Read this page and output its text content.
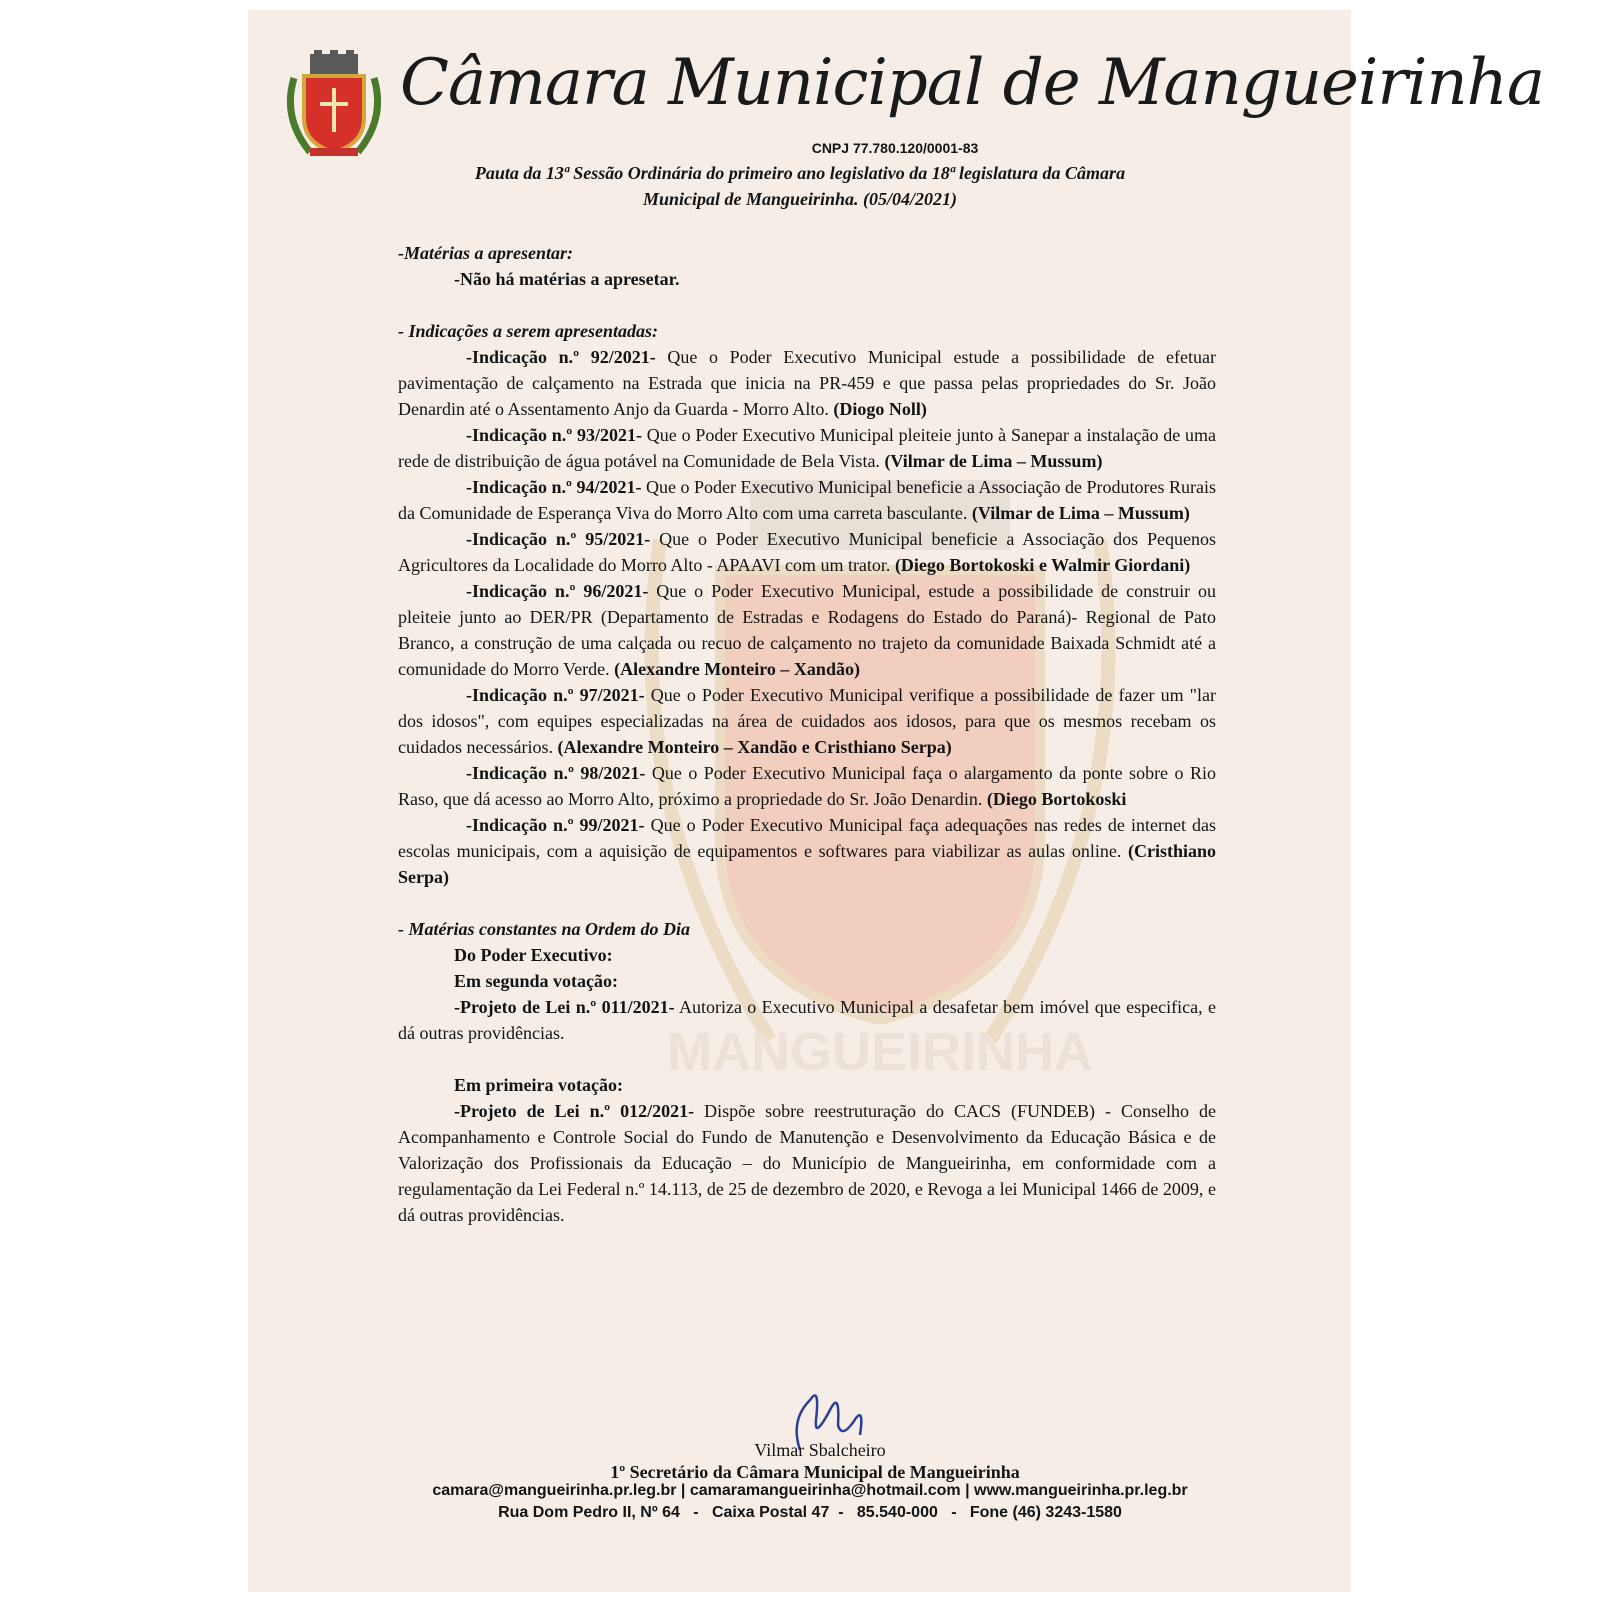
MANGUEIRINHA
Câmara Municipal de Mangueirinha
CNPJ 77.780.120/0001-83
Pauta da 13ª Sessão Ordinária do primeiro ano legislativo da 18ª legislatura da Câmara
Municipal de Mangueirinha. (05/04/2021)
-Matérias a apresentar:
-Não há matérias a apresetar.
- Indicações a serem apresentadas:

-Indicação n.º 92/2021- Que o Poder Executivo Municipal estude a possibilidade de efetuar pavimentação de calçamento na Estrada que inicia na PR-459 e que passa pelas propriedades do Sr. João Denardin até o Assentamento Anjo da Guarda - Morro Alto. (Diogo Noll)

-Indicação n.º 93/2021- Que o Poder Executivo Municipal pleiteie junto à Sanepar a instalação de uma rede de distribuição de água potável na Comunidade de Bela Vista. (Vilmar de Lima – Mussum)

-Indicação n.º 94/2021- Que o Poder Executivo Municipal beneficie a Associação de Produtores Rurais da Comunidade de Esperança Viva do Morro Alto com uma carreta basculante. (Vilmar de Lima – Mussum)

-Indicação n.º 95/2021- Que o Poder Executivo Municipal beneficie a Associação dos Pequenos Agricultores da Localidade do Morro Alto - APAAVI com um trator. (Diego Bortokoski e Walmir Giordani)

-Indicação n.º 96/2021- Que o Poder Executivo Municipal, estude a possibilidade de construir ou pleiteie junto ao DER/PR (Departamento de Estradas e Rodagens do Estado do Paraná)- Regional de Pato Branco, a construção de uma calçada ou recuo de calçamento no trajeto da comunidade Baixada Schmidt até a comunidade do Morro Verde. (Alexandre Monteiro – Xandão)

-Indicação n.º 97/2021- Que o Poder Executivo Municipal verifique a possibilidade de fazer um "lar dos idosos", com equipes especializadas na área de cuidados aos idosos, para que os mesmos recebam os cuidados necessários. (Alexandre Monteiro – Xandão e Cristhiano Serpa)

-Indicação n.º 98/2021- Que o Poder Executivo Municipal faça o alargamento da ponte sobre o Rio Raso, que dá acesso ao Morro Alto, próximo a propriedade do Sr. João Denardin. (Diego Bortokoski

-Indicação n.º 99/2021- Que o Poder Executivo Municipal faça adequações nas redes de internet das escolas municipais, com a aquisição de equipamentos e softwares para viabilizar as aulas online. (Cristhiano Serpa)

- Matérias constantes na Ordem do Dia
Do Poder Executivo:
Em segunda votação:

-Projeto de Lei n.º 011/2021- Autoriza o Executivo Municipal a desafetar bem imóvel que especifica, e dá outras providências.

Em primeira votação:

-Projeto de Lei n.º 012/2021- Dispõe sobre reestruturação do CACS (FUNDEB) - Conselho de Acompanhamento e Controle Social do Fundo de Manutenção e Desenvolvimento da Educação Básica e de Valorização dos Profissionais da Educação – do Município de Mangueirinha, em conformidade com a regulamentação da Lei Federal n.º 14.113, de 25 de dezembro de 2020, e Revoga a lei Municipal 1466 de 2009, e dá outras providências.

Vilmar Sbalcheiro
1º Secretário da Câmara Municipal de Mangueirinha
camara@mangueirinha.pr.leg.br | camaramangueirinha@hotmail.com | www.mangueirinha.pr.leg.br
Rua Dom Pedro II, Nº 64   -   Caixa Postal 47  -   85.540-000   -   Fone (46) 3243-1580
